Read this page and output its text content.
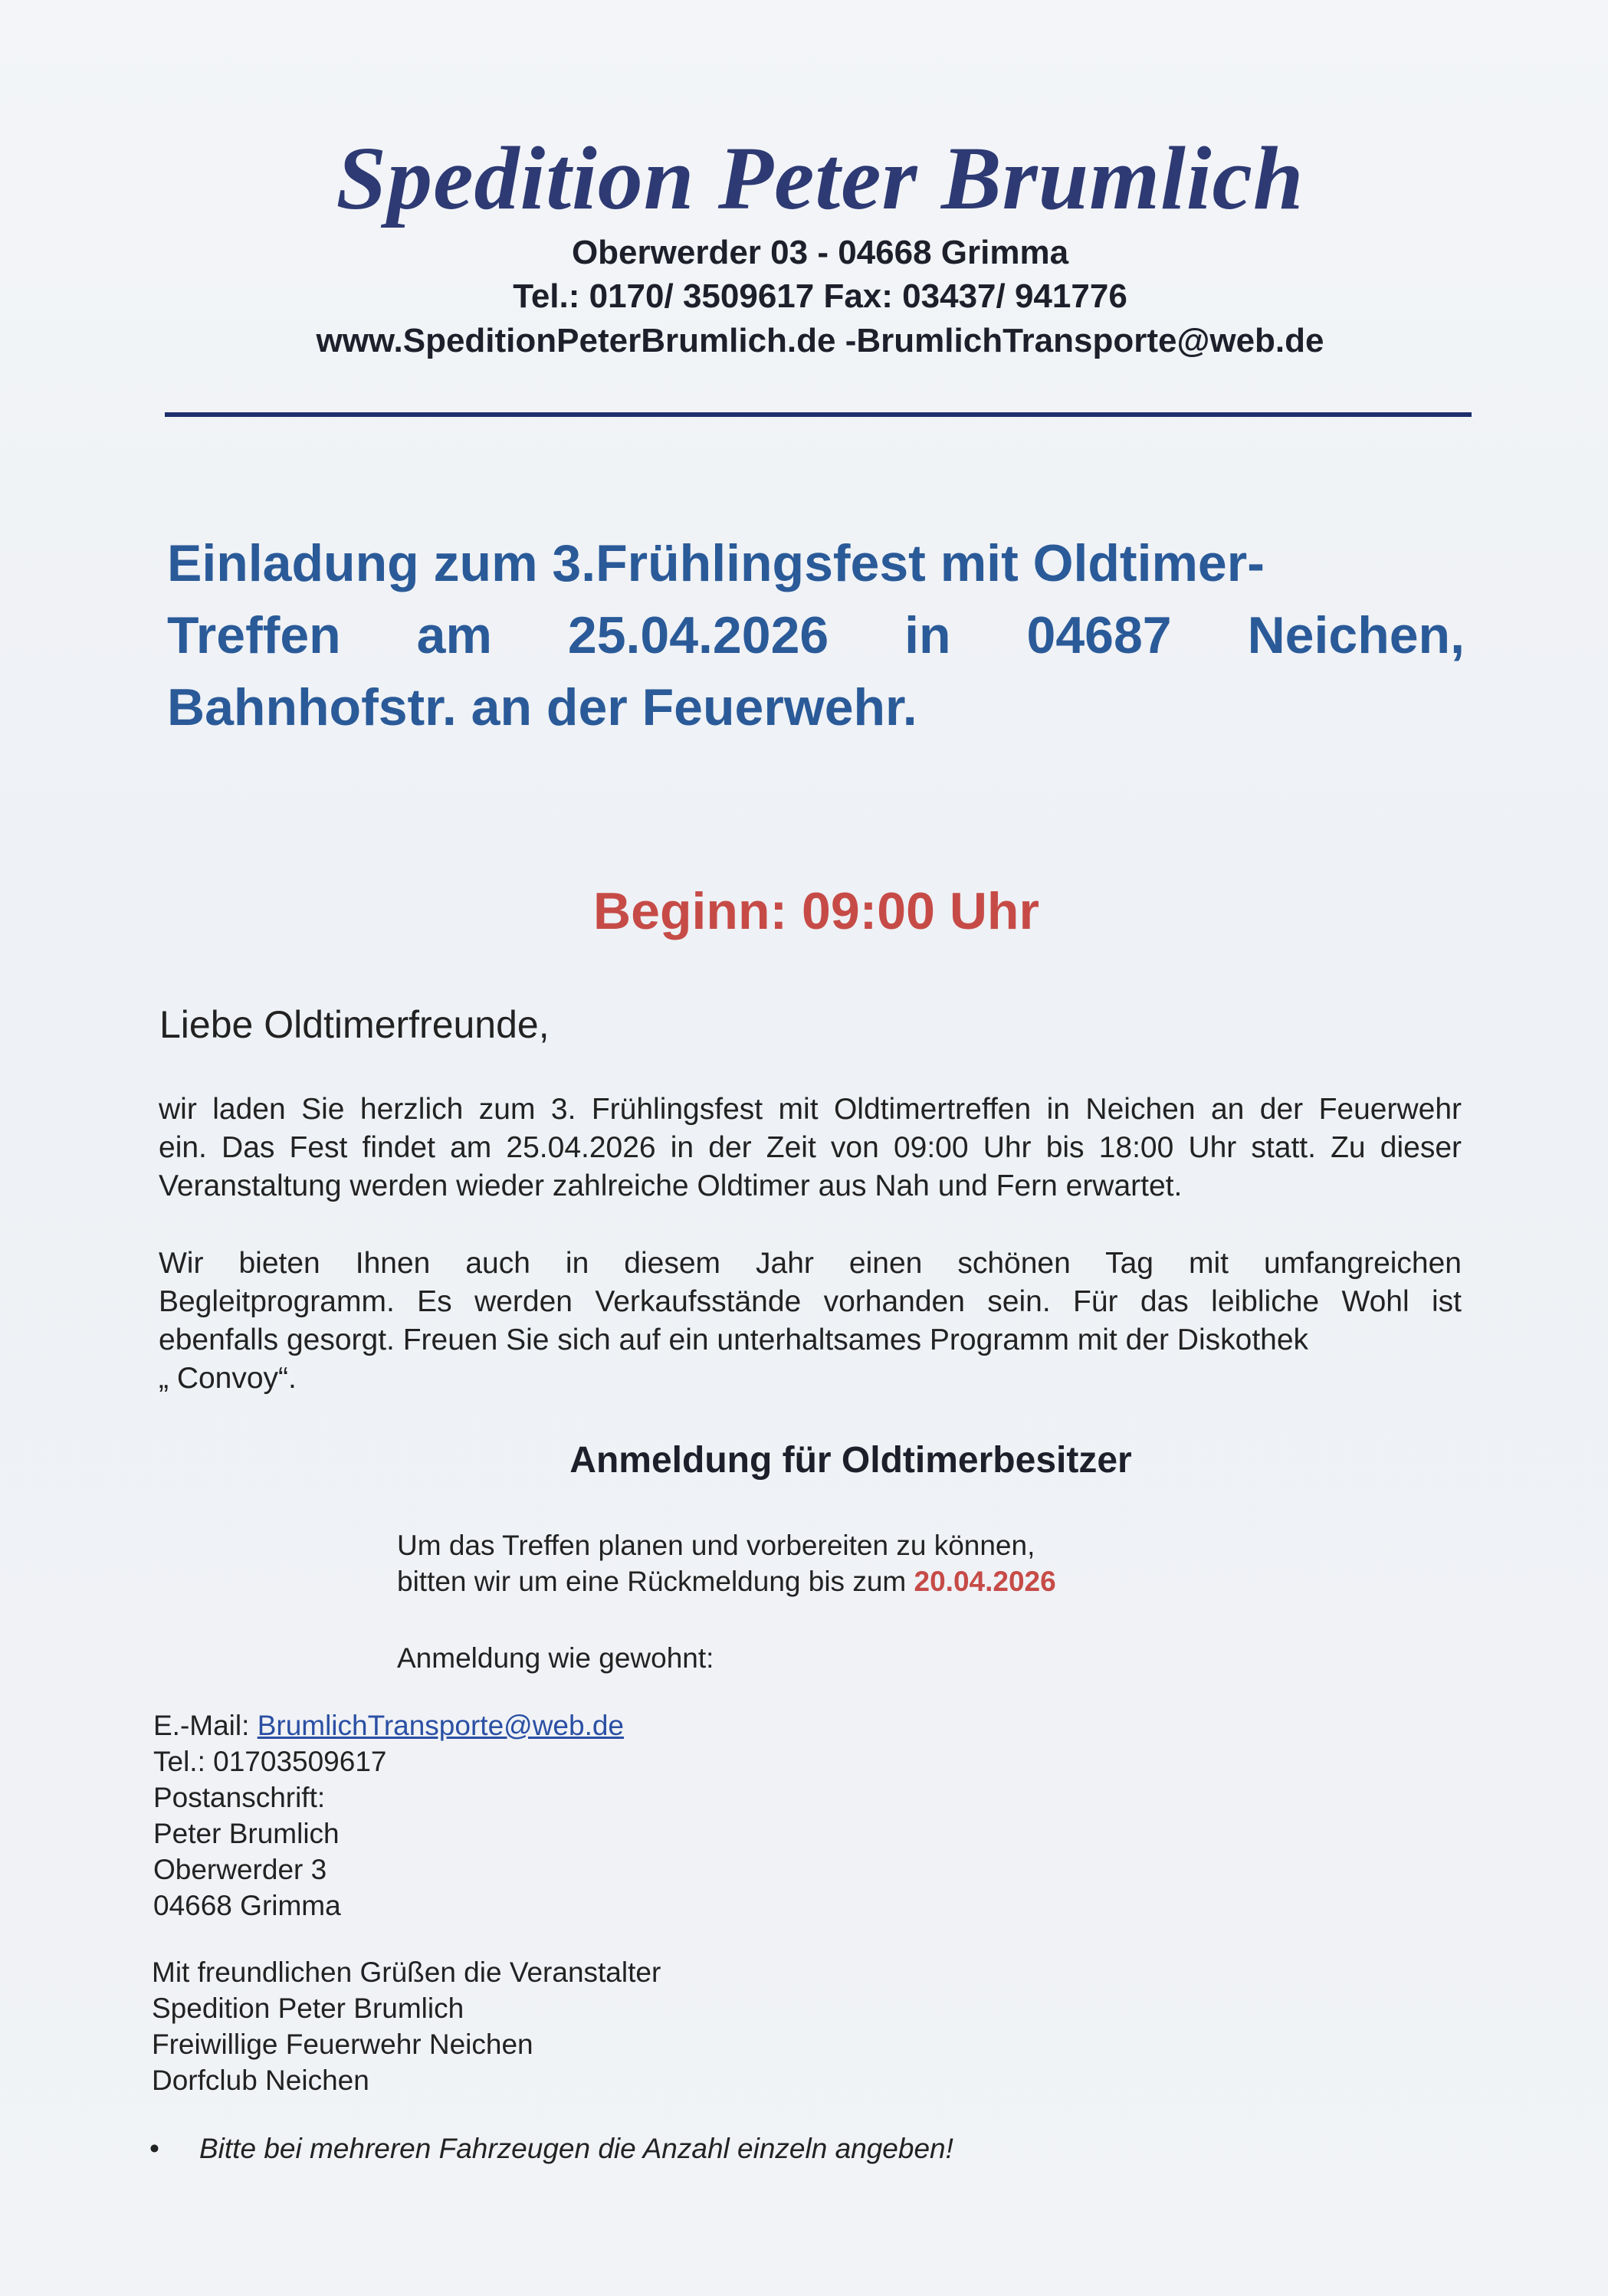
Spedition Peter Brumlich
Oberwerder 03 - 04668 Grimma
Tel.: 0170/ 3509617 Fax: 03437/ 941776
www.SpeditionPeterBrumlich.de -BrumlichTransporte@web.de
Einladung zum 3.Frühlingsfest mit Oldtimer-
Treffen am 25.04.2026 in 04687 Neichen,
Bahnhofstr. an der Feuerwehr.
Beginn: 09:00 Uhr
Liebe Oldtimerfreunde,
wir laden Sie herzlich zum 3. Frühlingsfest mit Oldtimertreffen in Neichen an der Feuerwehr
ein. Das Fest findet am 25.04.2026 in der Zeit von 09:00 Uhr bis 18:00 Uhr statt. Zu dieser
Veranstaltung werden wieder zahlreiche Oldtimer aus Nah und Fern erwartet.
Wir bieten Ihnen auch in diesem Jahr einen schönen Tag mit umfangreichen
Begleitprogramm. Es werden Verkaufsstände vorhanden sein. Für das leibliche Wohl ist
ebenfalls gesorgt. Freuen Sie sich auf ein unterhaltsames Programm mit der Diskothek
„ Convoy“.
Anmeldung für Oldtimerbesitzer
Um das Treffen planen und vorbereiten zu können,
bitten wir um eine Rückmeldung bis zum 20.04.2026
Anmeldung wie gewohnt:
E.-Mail: BrumlichTransporte@web.de
Tel.: 01703509617
Postanschrift:
Peter Brumlich
Oberwerder 3
04668 Grimma
Mit freundlichen Grüßen die Veranstalter
Spedition Peter Brumlich
Freiwillige Feuerwehr Neichen
Dorfclub Neichen
• Bitte bei mehreren Fahrzeugen die Anzahl einzeln angeben!
